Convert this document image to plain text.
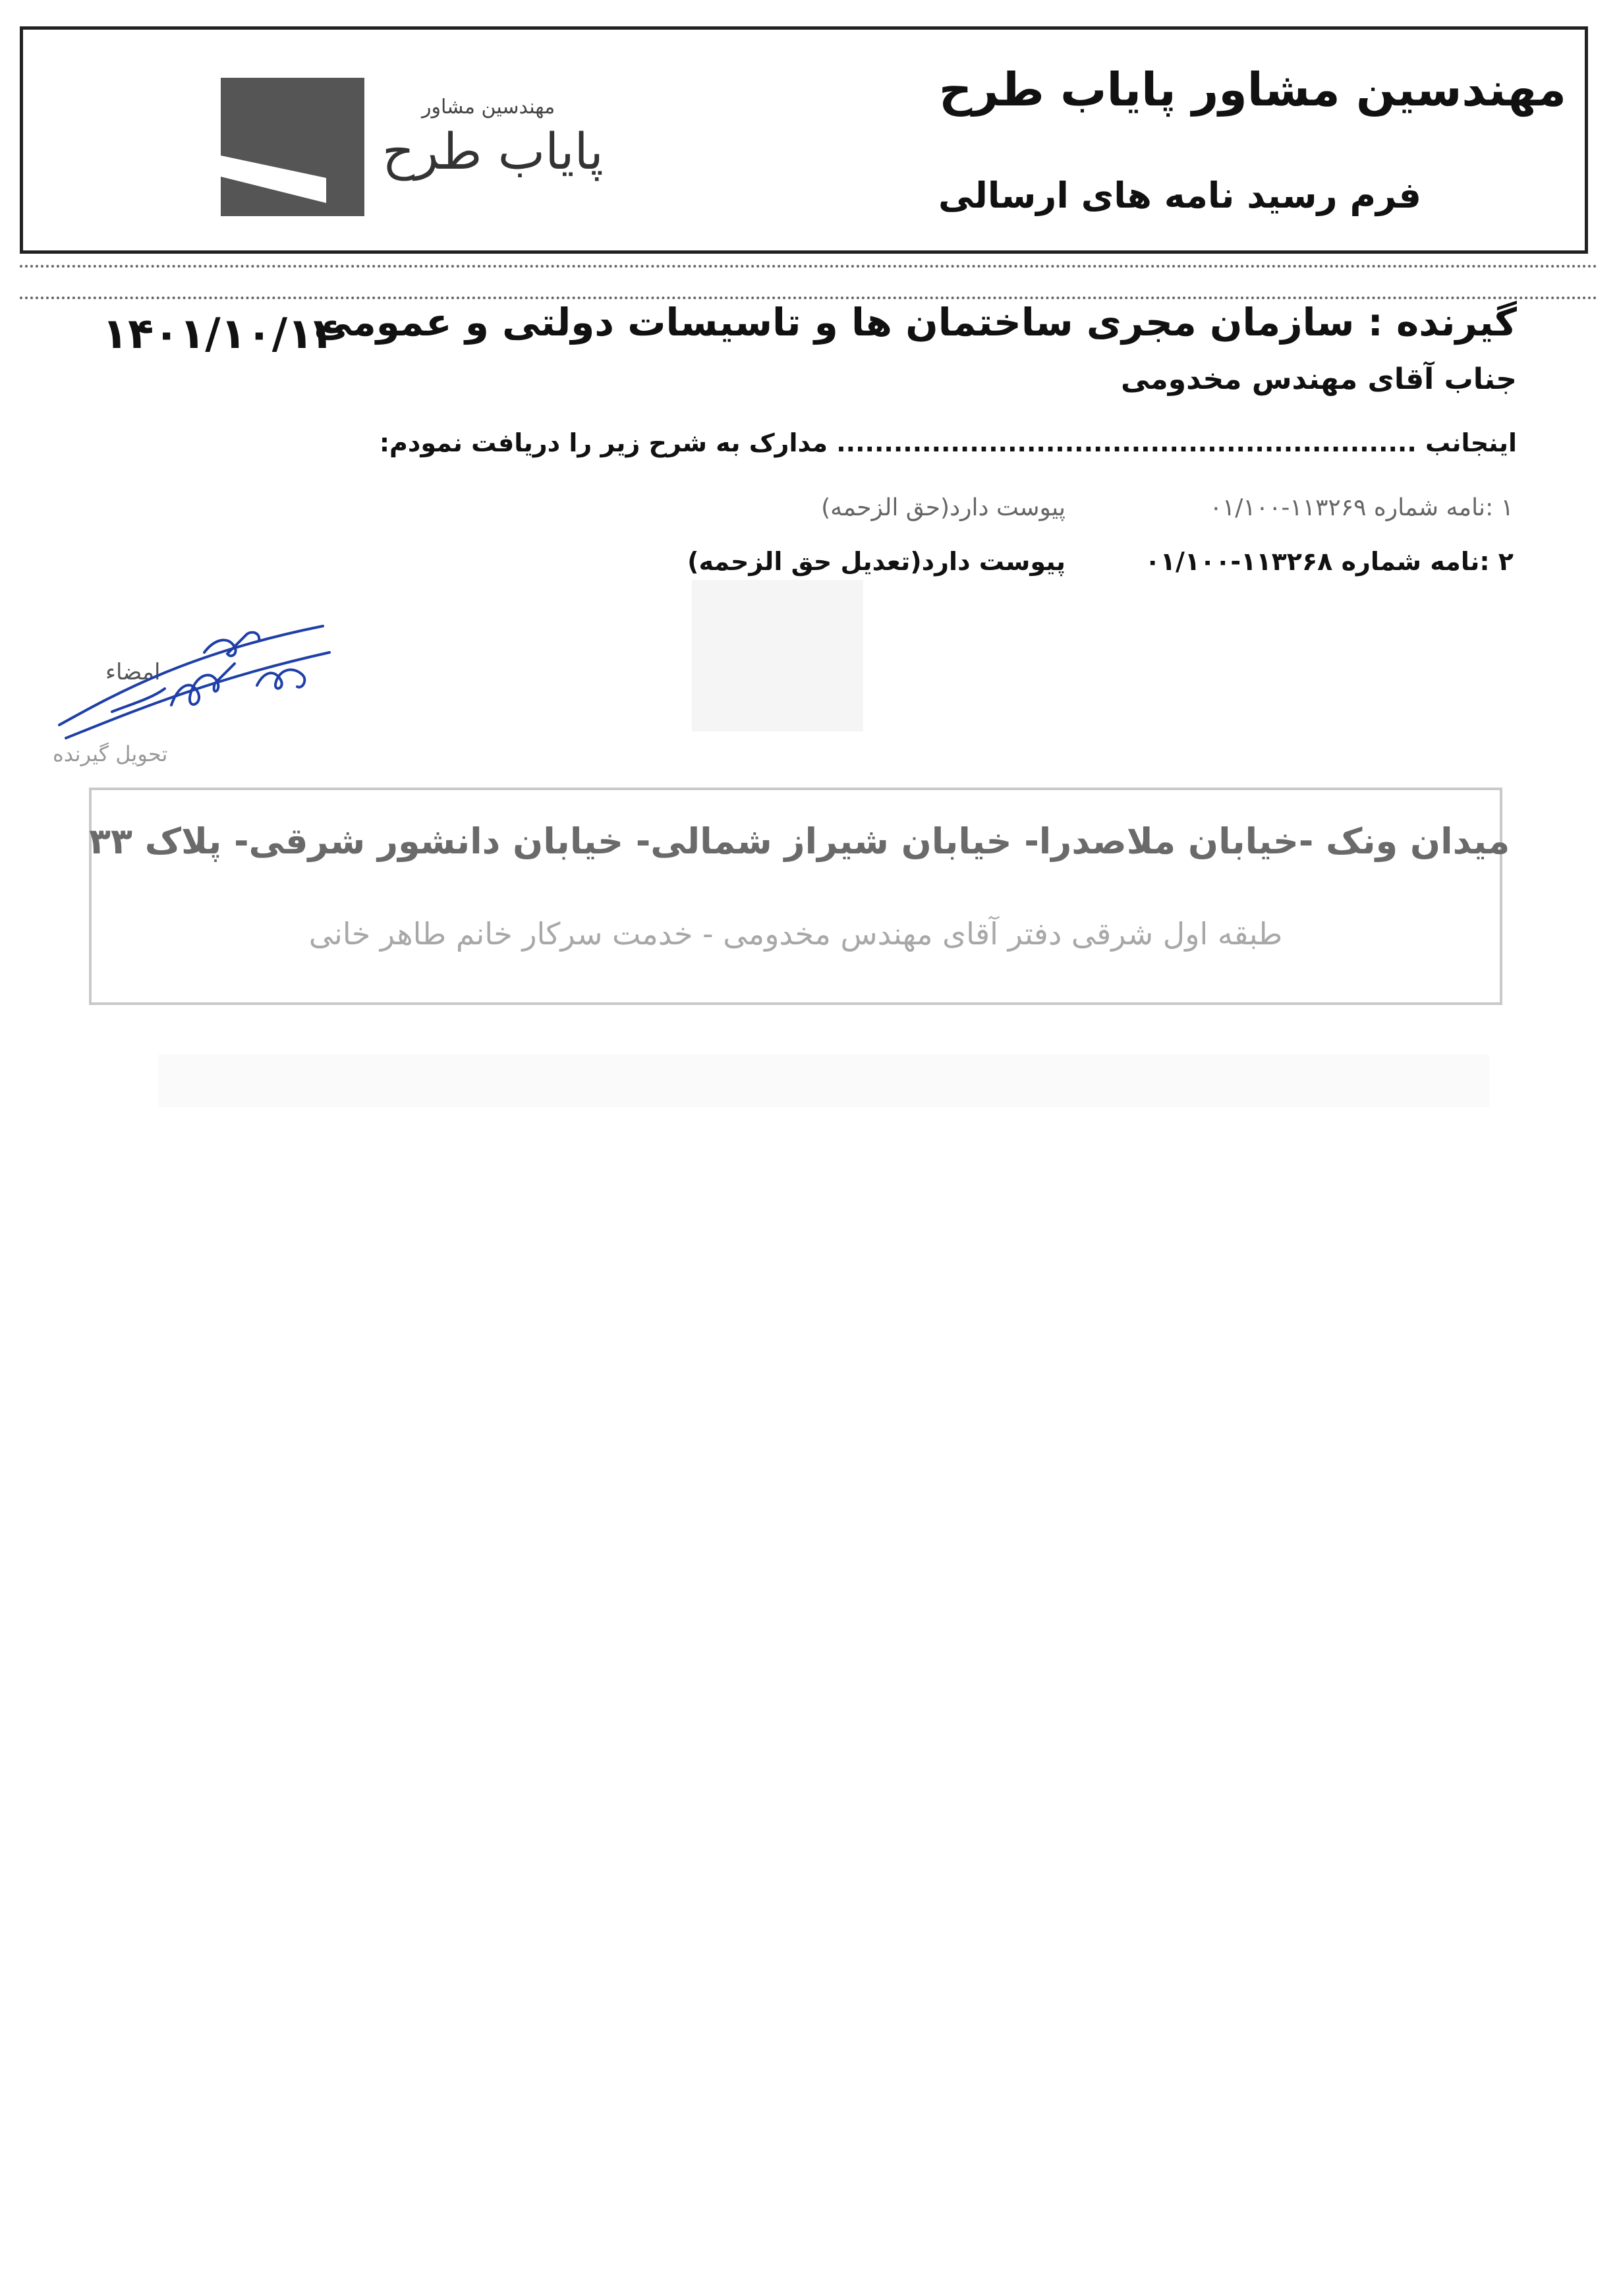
مهندسین مشاور پایاب طرح
فرم رسید نامه های ارسالی
مهندسین مشاور
پایاب طرح
۱۴۰۱/۱۰/۱۴
گیرنده : سازمان مجری ساختمان ها و تاسیسات دولتی و عمومی
جناب آقای مهندس مخدومی
اینجانب ............................................................. مدارک به شرح زیر را دریافت نمودم:
۱ :نامه شماره ۱۱۳۲۶۹-۰۱/۱۰۰
پیوست دارد(حق الزحمه)
۲ :نامه شماره ۱۱۳۲۶۸-۰۱/۱۰۰
پیوست دارد(تعدیل حق الزحمه)
امضاء
تحویل گیرنده
میدان ونک -خیابان ملاصدرا- خیابان شیراز شمالی- خیابان دانشور شرقی- پلاک ۳۳
طبقه اول شرقی دفتر آقای مهندس مخدومی - خدمت سرکار خانم طاهر خانی
